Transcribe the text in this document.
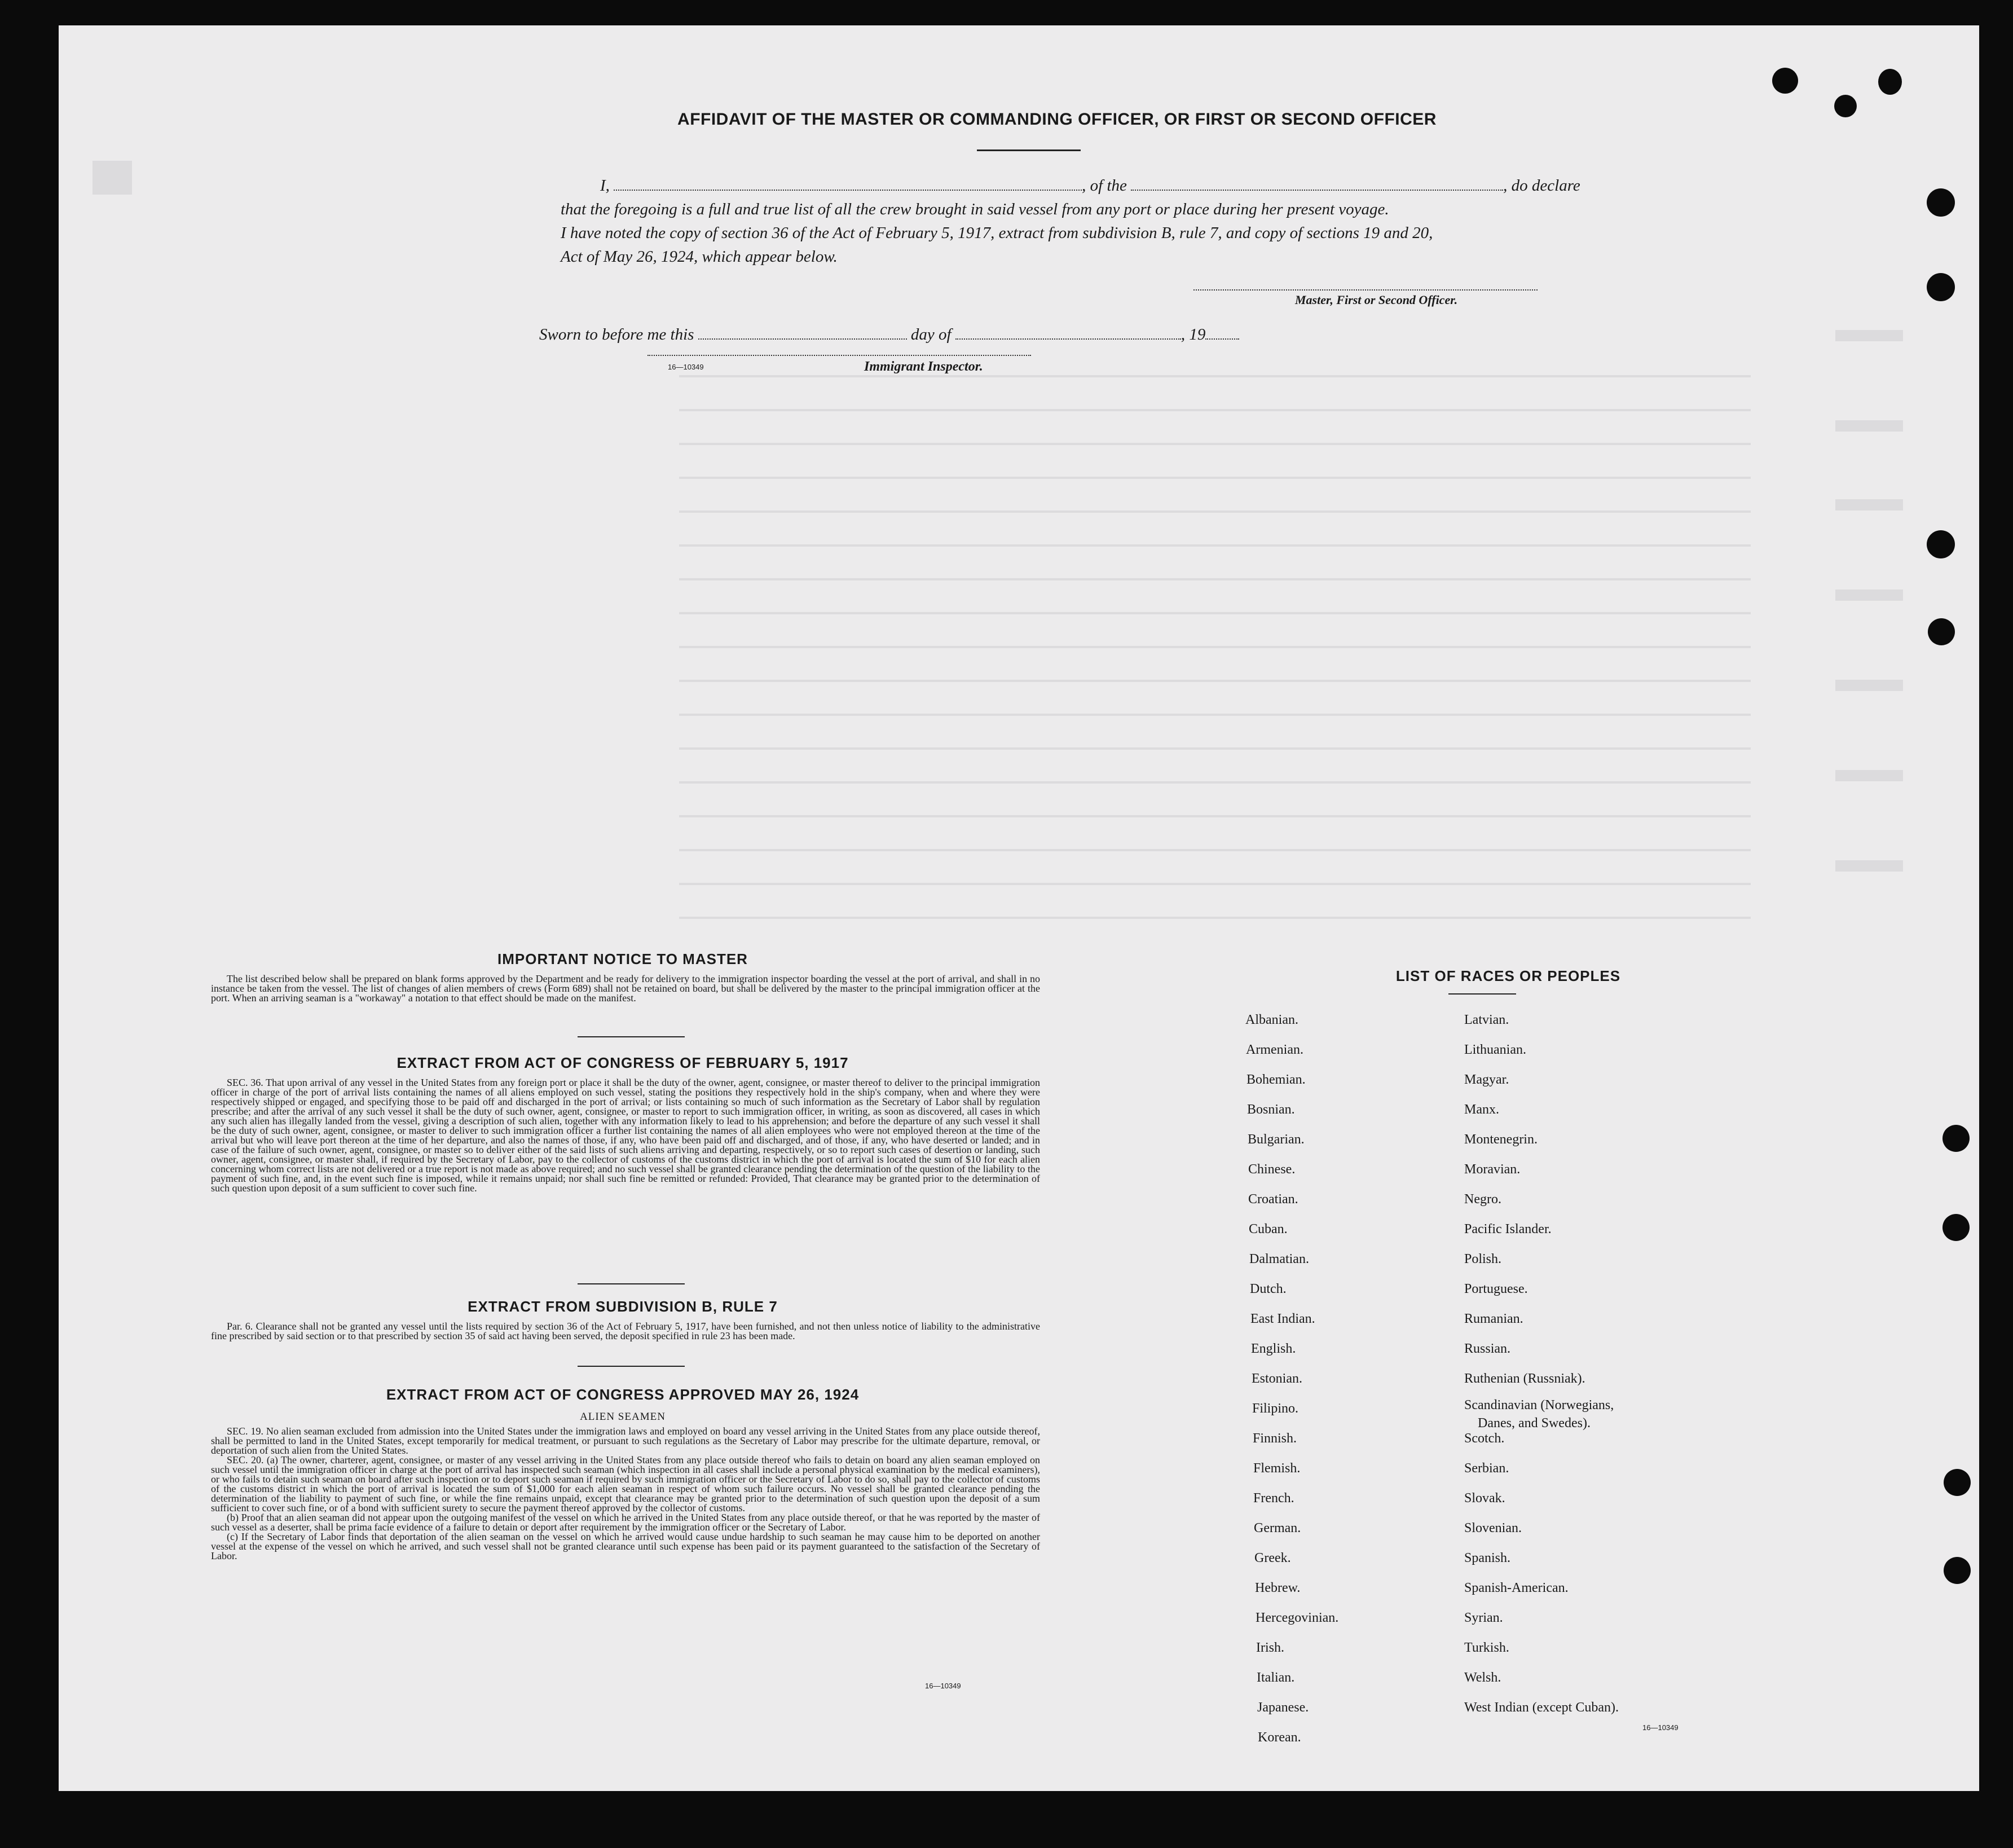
AFFIDAVIT OF THE MASTER OR COMMANDING OFFICER, OR FIRST OR SECOND OFFICER
I,	, of the	, do declare
that the foregoing is a full and true list of all the crew brought in said vessel from any port or place during her present voyage.
I have noted the copy of section 36 of the Act of February 5, 1917, extract from subdivision B, rule 7, and copy of sections 19 and 20,
Act of May 26, 1924, which appear below.
Master, First or Second Officer.
Sworn to before me this	day of	, 19
16—10349	Immigrant Inspector.
IMPORTANT NOTICE TO MASTER

The list described below shall be prepared on blank forms approved by the Department and be ready for delivery to the immigration inspector boarding the vessel at the port of arrival, and shall in no instance be taken from the vessel. The list of changes of alien members of crews (Form 689) shall not be retained on board, but shall be delivered by the master to the principal immigration officer at the port. When an arriving seaman is a "workaway" a notation to that effect should be made on the manifest.

EXTRACT FROM ACT OF CONGRESS OF FEBRUARY 5, 1917

SEC. 36. That upon arrival of any vessel in the United States from any foreign port or place it shall be the duty of the owner, agent, consignee, or master thereof to deliver to the principal immigration officer in charge of the port of arrival lists containing the names of all aliens employed on such vessel, stating the positions they respectively hold in the ship's company, when and where they were respectively shipped or engaged, and specifying those to be paid off and discharged in the port of arrival; or lists containing so much of such information as the Secretary of Labor shall by regulation prescribe; and after the arrival of any such vessel it shall be the duty of such owner, agent, consignee, or master to report to such immigration officer, in writing, as soon as discovered, all cases in which any such alien has illegally landed from the vessel, giving a description of such alien, together with any information likely to lead to his apprehension; and before the departure of any such vessel it shall be the duty of such owner, agent, consignee, or master to deliver to such immigration officer a further list containing the names of all alien employees who were not employed thereon at the time of the arrival but who will leave port thereon at the time of her departure, and also the names of those, if any, who have been paid off and discharged, and of those, if any, who have deserted or landed; and in case of the failure of such owner, agent, consignee, or master so to deliver either of the said lists of such aliens arriving and departing, respectively, or so to report such cases of desertion or landing, such owner, agent, consignee, or master shall, if required by the Secretary of Labor, pay to the collector of customs of the customs district in which the port of arrival is located the sum of $10 for each alien concerning whom correct lists are not delivered or a true report is not made as above required; and no such vessel shall be granted clearance pending the determination of the question of the liability to the payment of such fine, and, in the event such fine is imposed, while it remains unpaid; nor shall such fine be remitted or refunded: Provided, That clearance may be granted prior to the determination of such question upon deposit of a sum sufficient to cover such fine.

EXTRACT FROM SUBDIVISION B, RULE 7

Par. 6. Clearance shall not be granted any vessel until the lists required by section 36 of the Act of February 5, 1917, have been furnished, and not then unless notice of liability to the administrative fine prescribed by said section or to that prescribed by section 35 of said act having been served, the deposit specified in rule 23 has been made.

EXTRACT FROM ACT OF CONGRESS APPROVED MAY 26, 1924
ALIEN SEAMEN

SEC. 19. No alien seaman excluded from admission into the United States under the immigration laws and employed on board any vessel arriving in the United States from any place outside thereof, shall be permitted to land in the United States, except temporarily for medical treatment, or pursuant to such regulations as the Secretary of Labor may prescribe for the ultimate departure, removal, or deportation of such alien from the United States.

SEC. 20. (a) The owner, charterer, agent, consignee, or master of any vessel arriving in the United States from any place outside thereof who fails to detain on board any alien seaman employed on such vessel until the immigration officer in charge at the port of arrival has inspected such seaman (which inspection in all cases shall include a personal physical examination by the medical examiners), or who fails to detain such seaman on board after such inspection or to deport such seaman if required by such immigration officer or the Secretary of Labor to do so, shall pay to the collector of customs of the customs district in which the port of arrival is located the sum of $1,000 for each alien seaman in respect of whom such failure occurs. No vessel shall be granted clearance pending the determination of the liability to payment of such fine, or while the fine remains unpaid, except that clearance may be granted prior to the determination of such question upon the deposit of a sum sufficient to cover such fine, or of a bond with sufficient surety to secure the payment thereof approved by the collector of customs.

(b) Proof that an alien seaman did not appear upon the outgoing manifest of the vessel on which he arrived in the United States from any place outside thereof, or that he was reported by the master of such vessel as a deserter, shall be prima facie evidence of a failure to detain or deport after requirement by the immigration officer or the Secretary of Labor.

(c) If the Secretary of Labor finds that deportation of the alien seaman on the vessel on which he arrived would cause undue hardship to such seaman he may cause him to be deported on another vessel at the expense of the vessel on which he arrived, and such vessel shall not be granted clearance until such expense has been paid or its payment guaranteed to the satisfaction of the Secretary of Labor.

16—10349
LIST OF RACES OR PEOPLES
Albanian.
Armenian.
Bohemian.
Bosnian.
Bulgarian.
Chinese.
Croatian.
Cuban.
Dalmatian.
Dutch.
East Indian.
English.
Estonian.
Filipino.
Finnish.
Flemish.
French.
German.
Greek.
Hebrew.
Hercegovinian.
Irish.
Italian.
Japanese.
Korean.
Latvian.
Lithuanian.
Magyar.
Manx.
Montenegrin.
Moravian.
Negro.
Pacific Islander.
Polish.
Portuguese.
Rumanian.
Russian.
Ruthenian (Russniak).
Scandinavian (Norwegians,
Danes, and Swedes).
Scotch.
Serbian.
Slovak.
Slovenian.
Spanish.
Spanish-American.
Syrian.
Turkish.
Welsh.
West Indian (except Cuban).
16—10349
